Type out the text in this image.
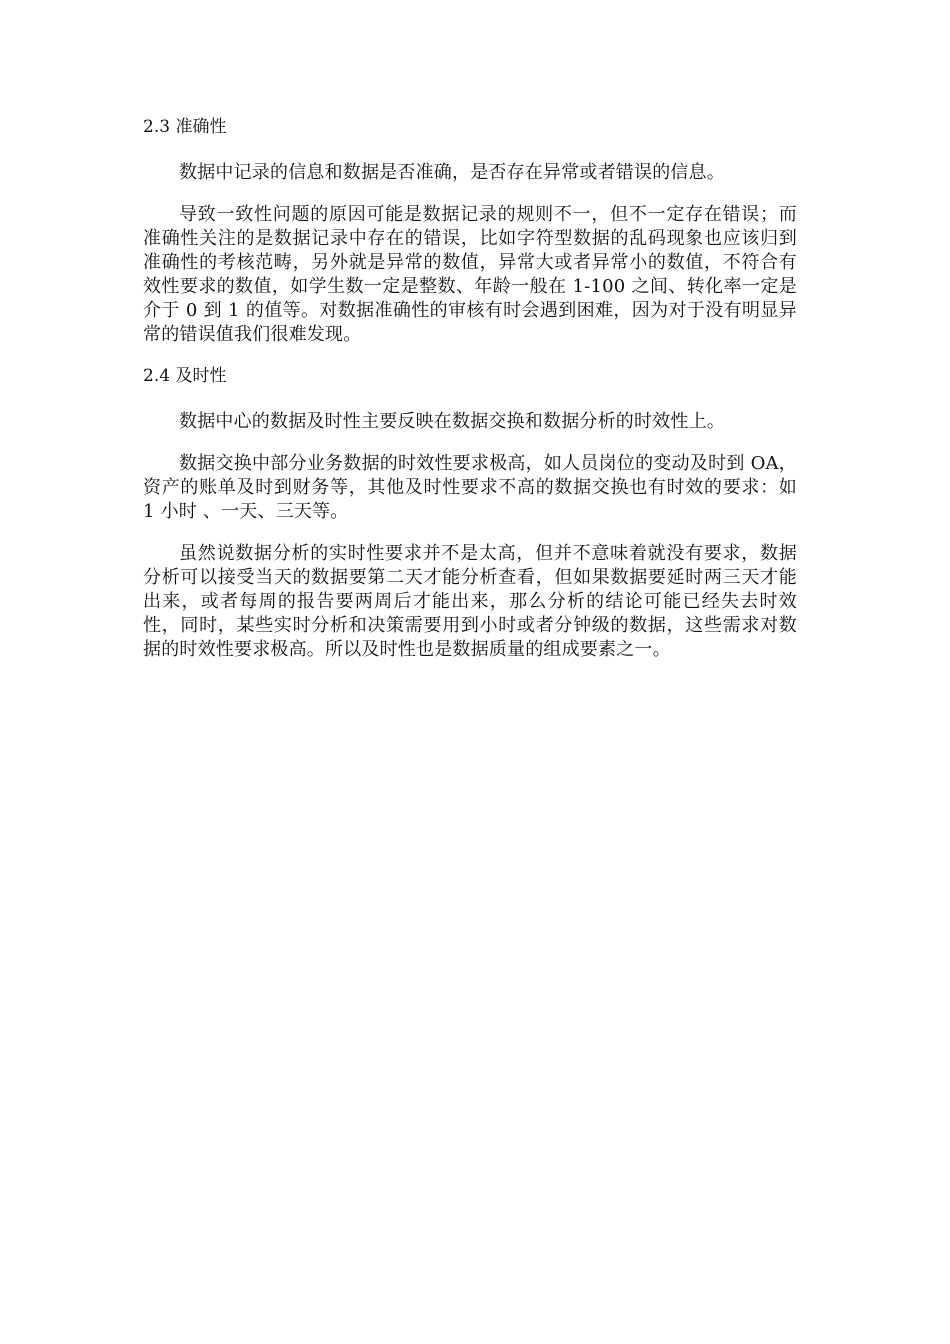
2.3 准确性

数据中记录的信息和数据是否准确，是否存在异常或者错误的信息。

导致一致性问题的原因可能是数据记录的规则不一，但不一定存在错误；而准确性关注的是数据记录中存在的错误，比如字符型数据的乱码现象也应该归到准确性的考核范畴，另外就是异常的数值，异常大或者异常小的数值，不符合有效性要求的数值，如学生数一定是整数、年龄一般在 1-100 之间、转化率一定是介于 0 到 1 的值等。对数据准确性的审核有时会遇到困难，因为对于没有明显异常的错误值我们很难发现。

2.4 及时性

数据中心的数据及时性主要反映在数据交换和数据分析的时效性上。

数据交换中部分业务数据的时效性要求极高，如人员岗位的变动及时到 OA，资产的账单及时到财务等，其他及时性要求不高的数据交换也有时效的要求：如 1 小时 、一天、三天等。

虽然说数据分析的实时性要求并不是太高，但并不意味着就没有要求，数据分析可以接受当天的数据要第二天才能分析查看，但如果数据要延时两三天才能出来，或者每周的报告要两周后才能出来，那么分析的结论可能已经失去时效性，同时，某些实时分析和决策需要用到小时或者分钟级的数据，这些需求对数据的时效性要求极高。所以及时性也是数据质量的组成要素之一。
